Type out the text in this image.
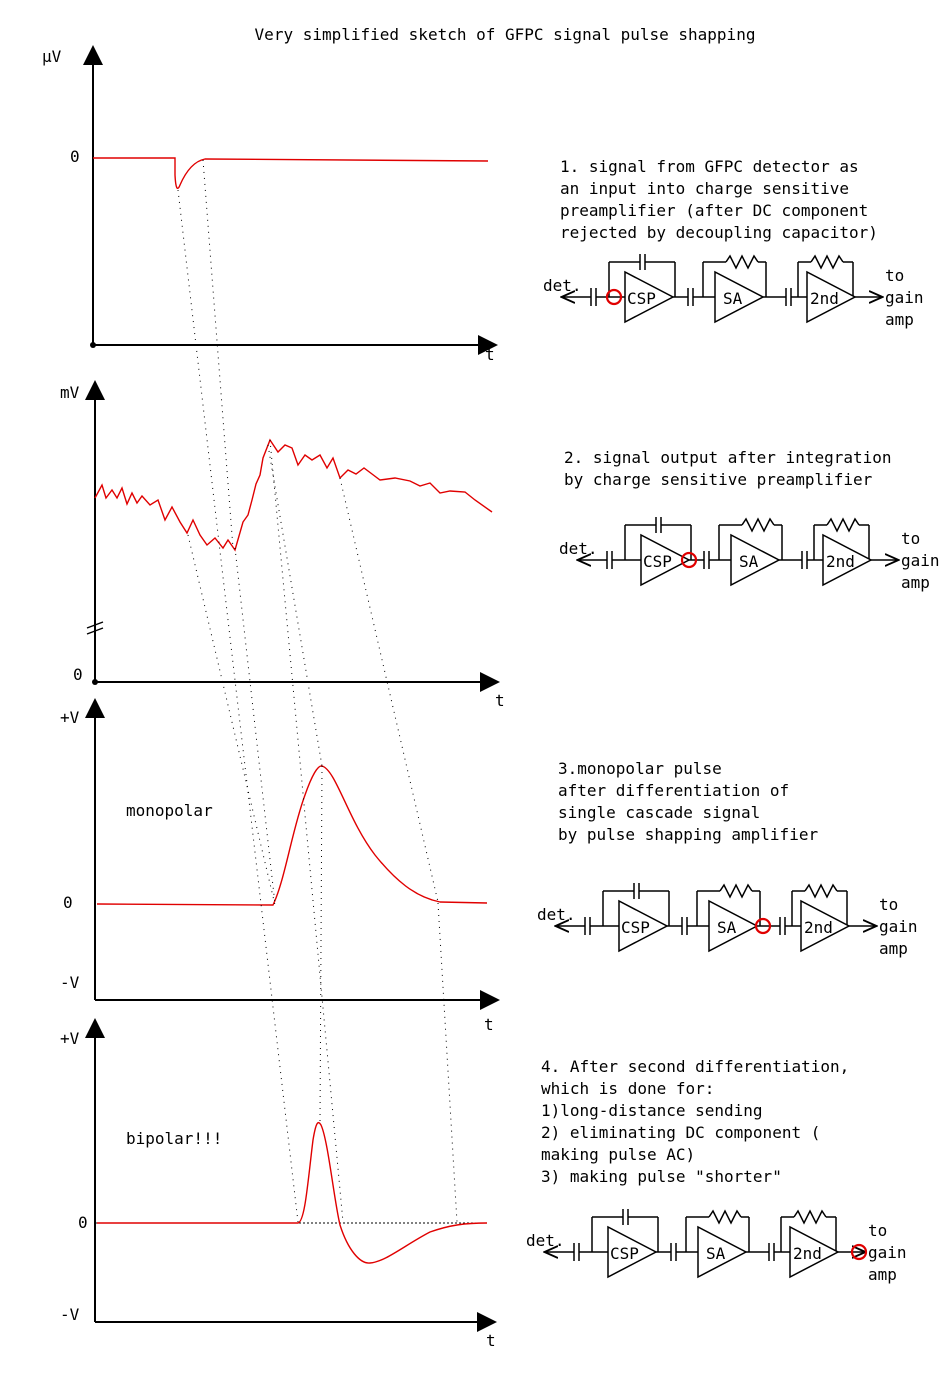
Very simplified sketch of GFPC signal pulse shapping
µV
0
t
mV
0
t
+V
0
-V
t
monopolar
+V
0
-V
t
bipolar!!!
1. signal from GFPC detector as
an input into charge sensitive
preamplifier (after DC component
rejected by decoupling capacitor)
2. signal output after integration
by charge sensitive preamplifier
3.monopolar pulse
after differentiation of
single cascade signal
by pulse shapping amplifier
4. After second differentiation,
which is done for:
1)long-distance sending
2) eliminating DC component (
making pulse AC)
3) making pulse "shorter"
det.
CSP	SA	2nd
to
gain
amp
det.
CSP	SA	2nd
to
gain
amp
det.
CSP	SA	2nd
to
gain
amp
det.
CSP	SA	2nd
to
gain
amp
